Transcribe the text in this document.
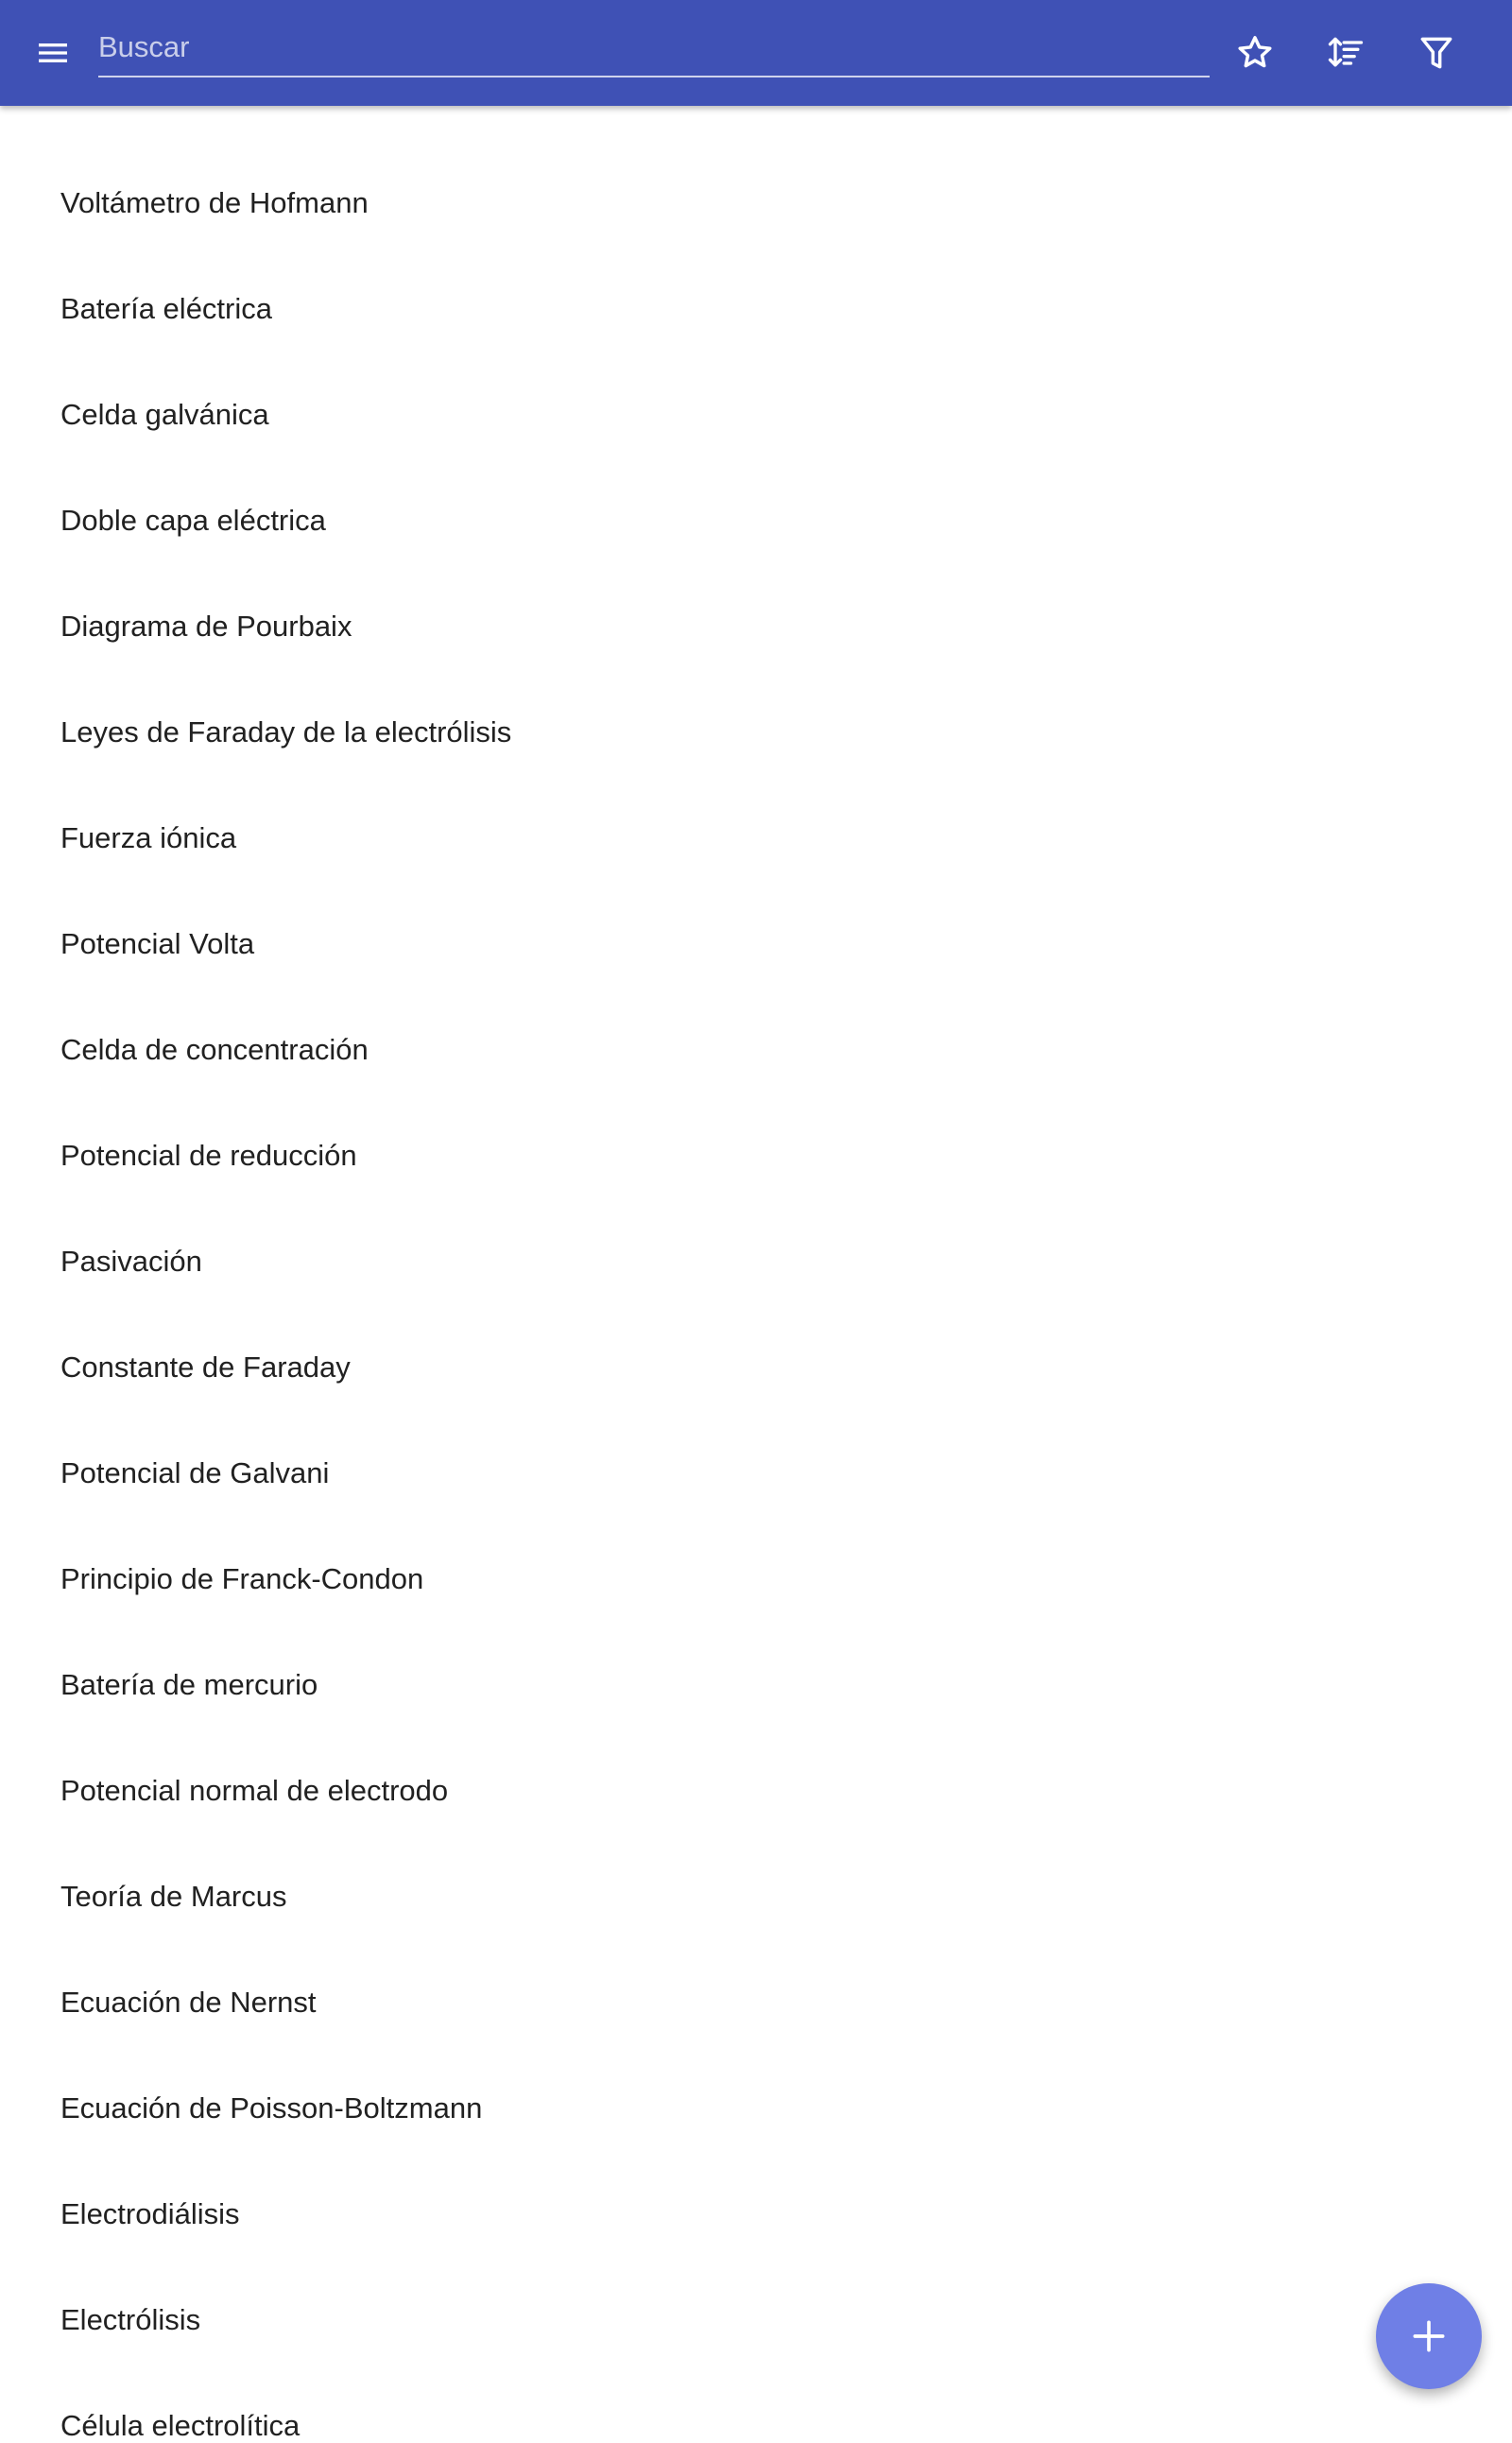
Buscar
Voltámetro de Hofmann
Batería eléctrica
Celda galvánica
Doble capa eléctrica
Diagrama de Pourbaix
Leyes de Faraday de la electrólisis
Fuerza iónica
Potencial Volta
Celda de concentración
Potencial de reducción
Pasivación
Constante de Faraday
Potencial de Galvani
Principio de Franck-Condon
Batería de mercurio
Potencial normal de electrodo
Teoría de Marcus
Ecuación de Nernst
Ecuación de Poisson-Boltzmann
Electrodiálisis
Electrólisis
Célula electrolítica
